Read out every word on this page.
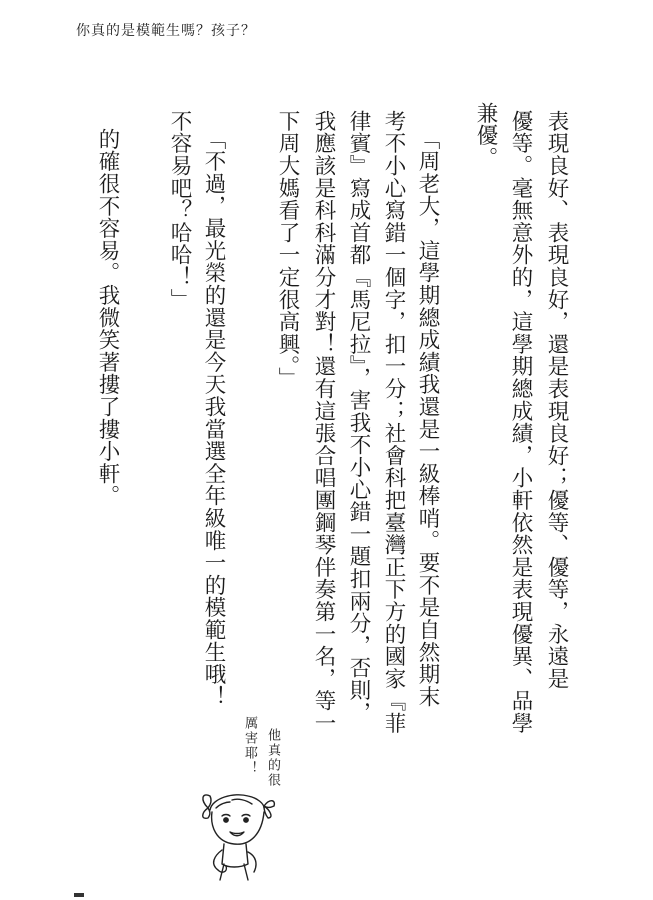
你真的是模範生嗎？孩子？
表現良好、表現良好，還是表現良好；優等、優等，永遠是
優等。毫無意外的，這學期總成績，小軒依然是表現優異、品學
兼優。
「周老大，這學期總成績我還是一級棒哨。要不是自然期末
考不小心寫錯一個字，扣一分；社會科把臺灣正下方的國家『菲
律賓』寫成首都『馬尼拉』，害我不小心錯一題扣兩分，否則，
我應該是科科滿分才對！還有這張合唱團鋼琴伴奏第一名，等一
下周大媽看了一定很高興。」
「不過，最光榮的還是今天我當選全年級唯一的模範生哦！
不容易吧？哈哈！」
的確很不容易。我微笑著摟了摟小軒。
他真的很
厲害耶！
